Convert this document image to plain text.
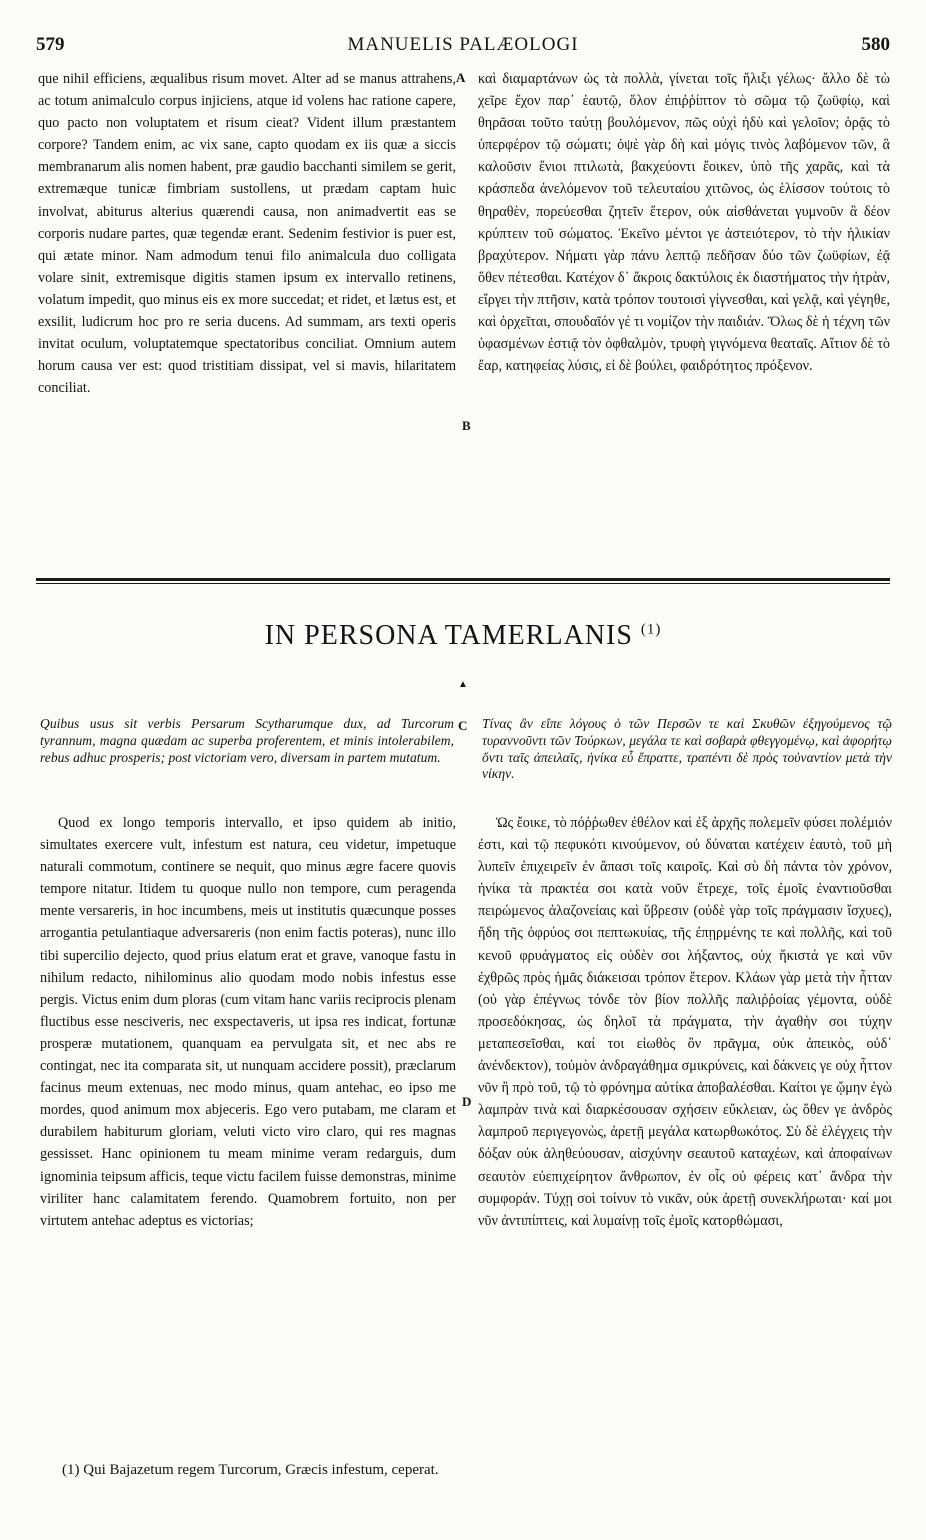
579	MANUELIS PALÆOLOGI	580

que nihil efficiens, æqualibus risum movet. Alter ad se manus attrahens, ac totum animalculo corpus injiciens, atque id volens hac ratione capere, quo pacto non voluptatem et risum cieat? Vident illum præstantem corpore? Tandem enim, ac vix sane, capto quodam ex iis quæ a siccis membranarum alis nomen habent, præ gaudio bacchanti similem se gerit, extremæque tunicæ fimbriam sustollens, ut prædam captam huic involvat, abiturus alterius quærendi causa, non animadvertit eas se corporis nudare partes, quæ tegendæ erant. Sedenim festivior is puer est, qui ætate minor. Nam admodum tenui filo animalcula duo colligata volare sinit, extremisque digitis stamen ipsum ex intervallo retinens, volatum impedit, quo minus eis ex more succedat; et ridet, et lætus est, et exsilit, ludicrum hoc pro re seria ducens. Ad summam, ars texti operis invitat oculum, voluptatemque spectatoribus conciliat. Omnium autem horum causa ver est: quod tristitiam dissipat, vel si mavis, hilaritatem conciliat.

A
B

καὶ διαμαρτάνων ὡς τὰ πολλὰ, γίνεται τοῖς ἥλιξι γέλως· ἄλλο δὲ τὼ χεῖρε ἔχον παρ᾽ ἑαυτῷ, ὅλον ἐπιῤῥίπτον τὸ σῶμα τῷ ζωϋφίῳ, καὶ θηρᾶσαι τοῦτο ταύτῃ βουλόμενον, πῶς οὐχὶ ἡδὺ καὶ γελοῖον; ὁρᾷς τὸ ὑπερφέρον τῷ σώματι; ὀψὲ γὰρ δὴ καὶ μόγις τινὸς λαβόμενον τῶν, ἃ καλοῦσιν ἔνιοι πτιλωτὰ, βακχεύοντι ἔοικεν, ὑπὸ τῆς χαρᾶς, καὶ τὰ κράσπεδα ἀνελόμενον τοῦ τελευταίου χιτῶνος, ὡς ἑλίσσον τούτοις τὸ θηραθὲν, πορεύεσθαι ζητεῖν ἕτερον, οὐκ αἰσθάνεται γυμνοῦν ἃ δέον κρύπτειν τοῦ σώματος. Ἐκεῖνο μέντοι γε ἀστειότερον, τὸ τὴν ἡλικίαν βραχύτερον. Νήματι γὰρ πάνυ λεπτῷ πεδῆσαν δύο τῶν ζωϋφίων, ἐᾷ ὅθεν πέτεσθαι. Κατέχον δ᾽ ἄκροις δακτύλοις ἐκ διαστήματος τὴν ἠτρὰν, εἴργει τὴν πτῆσιν, κατὰ τρόπον τουτοισὶ γίγνεσθαι, καὶ γελᾷ, καὶ γέγηθε, καὶ ὀρχεῖται, σπουδαῖόν γέ τι νομίζον τὴν παιδιάν. Ὅλως δὲ ἡ τέχνη τῶν ὑφασμένων ἐστιᾷ τὸν ὀφθαλμὸν, τρυφὴ γιγνόμενα θεαταῖς. Αἴτιον δὲ τὸ ἔαρ, κατηφείας λύσις, εἰ δὲ βούλει, φαιδρότητος πρόξενον.

IN PERSONA TAMERLANIS $^{(1)}$
▲
Quibus usus sit verbis Persarum Scytharumque dux, ad Turcorum tyrannum, magna quædam ac superba proferentem, et minis intolerabilem, rebus adhuc prosperis; post victoriam vero, diversam in partem mutatum.
C Τίνας ἂν εἴπε λόγους ὁ τῶν Περσῶν τε καὶ Σκυθῶν ἐξηγούμενος τῷ τυραννοῦντι τῶν Τούρκων, μεγάλα τε καὶ σοβαρὰ φθεγγομένῳ, καὶ ἀφορήτῳ ὄντι ταῖς ἀπειλαῖς, ἡνίκα εὖ ἔπραττε, τραπέντι δὲ πρὸς τοὐναντίον μετὰ τὴν νίκην.

Quod ex longo temporis intervallo, et ipso quidem ab initio, simultates exercere vult, infestum est natura, ceu videtur, impetuque naturali commotum, continere se nequit, quo minus ægre facere quovis tempore nitatur. Itidem tu quoque nullo non tempore, cum peragenda mente versareris, in hoc incumbens, meis ut institutis quæcunque posses arrogantia petulantiaque adversareris (non enim factis poteras), nunc illo tibi supercilio dejecto, quod prius elatum erat et grave, vanoque fastu in nihilum redacto, nihilominus alio quodam modo nobis infestus esse pergis. Victus enim dum ploras (cum vitam hanc variis reciprocis plenam fluctibus esse nesciveris, nec exspectaveris, ut ipsa res indicat, fortunæ prosperæ mutationem, quanquam ea pervulgata sit, et nec abs re contingat, nec ita comparata sit, ut nunquam accidere possit), præclarum facinus meum extenuas, nec modo minus, quam antehac, eo ipso me mordes, quod animum mox abjeceris. Ego vero putabam, me claram et durabilem habiturum gloriam, veluti victo viro claro, qui res magnas gessisset. Hanc opinionem tu meam minime veram redarguis, dum ignominia teipsum afficis, teque victu facilem fuisse demonstras, minime viriliter hanc calamitatem ferendo. Quamobrem fortuito, non per virtutem antehac adeptus es victorias;

D

Ὡς ἔοικε, τὸ πόῤῥωθεν ἐθέλον καὶ ἐξ ἀρχῆς πολεμεῖν φύσει πολέμιόν ἐστι, καὶ τῷ πεφυκότι κινούμενον, οὐ δύναται κατέχειν ἑαυτὸ, τοῦ μὴ λυπεῖν ἐπιχειρεῖν ἐν ἅπασι τοῖς καιροῖς. Καὶ σὺ δὴ πάντα τὸν χρόνον, ἡνίκα τὰ πρακτέα σοι κατὰ νοῦν ἔτρεχε, τοῖς ἐμοῖς ἐναντιοῦσθαι πειρώμενος ἀλαζονείαις καὶ ὕβρεσιν (οὐδὲ γὰρ τοῖς πράγμασιν ἴσχυες), ἤδη τῆς ὀφρύος σοι πεπτωκυίας, τῆς ἐπῃρμένης τε καὶ πολλῆς, καὶ τοῦ κενοῦ φρυάγματος εἰς οὐδὲν σοι λήξαντος, οὐχ ἥκιστά γε καὶ νῦν ἐχθρῶς πρὸς ἡμᾶς διάκεισαι τρόπον ἕτερον. Κλάων γὰρ μετὰ τὴν ἧτταν (οὐ γὰρ ἐπέγνως τόνδε τὸν βίον πολλῆς παλιῤῥοίας γέμοντα, οὐδὲ προσεδόκησας, ὡς δηλοῖ τὰ πράγματα, τὴν ἀγαθὴν σοι τύχην μεταπεσεῖσθαι, καί τοι εἰωθὸς ὂν πρᾶγμα, οὐκ ἀπεικὸς, οὐδ᾽ ἀνένδεκτον), τοὐμὸν ἀνδραγάθημα σμικρύνεις, καὶ δάκνεις γε οὐχ ἧττον νῦν ἢ πρὸ τοῦ, τῷ τὸ φρόνημα αὐτίκα ἀποβαλέσθαι. Καίτοι γε ᾤμην ἐγὼ λαμπρὰν τινὰ καὶ διαρκέσουσαν σχήσειν εὔκλειαν, ὡς ὅθεν γε ἀνδρὸς λαμπροῦ περιγεγονὼς, ἀρετῇ μεγάλα κατωρθωκότος. Σὺ δὲ ἐλέγχεις τὴν δόξαν οὐκ ἀληθεύουσαν, αἰσχύνην σεαυτοῦ καταχέων, καὶ ἀποφαίνων σεαυτὸν εὐεπιχείρητον ἄνθρωπον, ἐν οἷς οὐ φέρεις κατ᾽ ἄνδρα τὴν συμφοράν. Τύχῃ σοὶ τοίνυν τὸ νικᾶν, οὐκ ἀρετῇ συνεκλήρωται· καί μοι νῦν ἀντιπίπτεις, καὶ λυμαίνῃ τοῖς ἐμοῖς κατορθώμασι,

(1) Qui Bajazetum regem Turcorum, Græcis infestum, ceperat.
